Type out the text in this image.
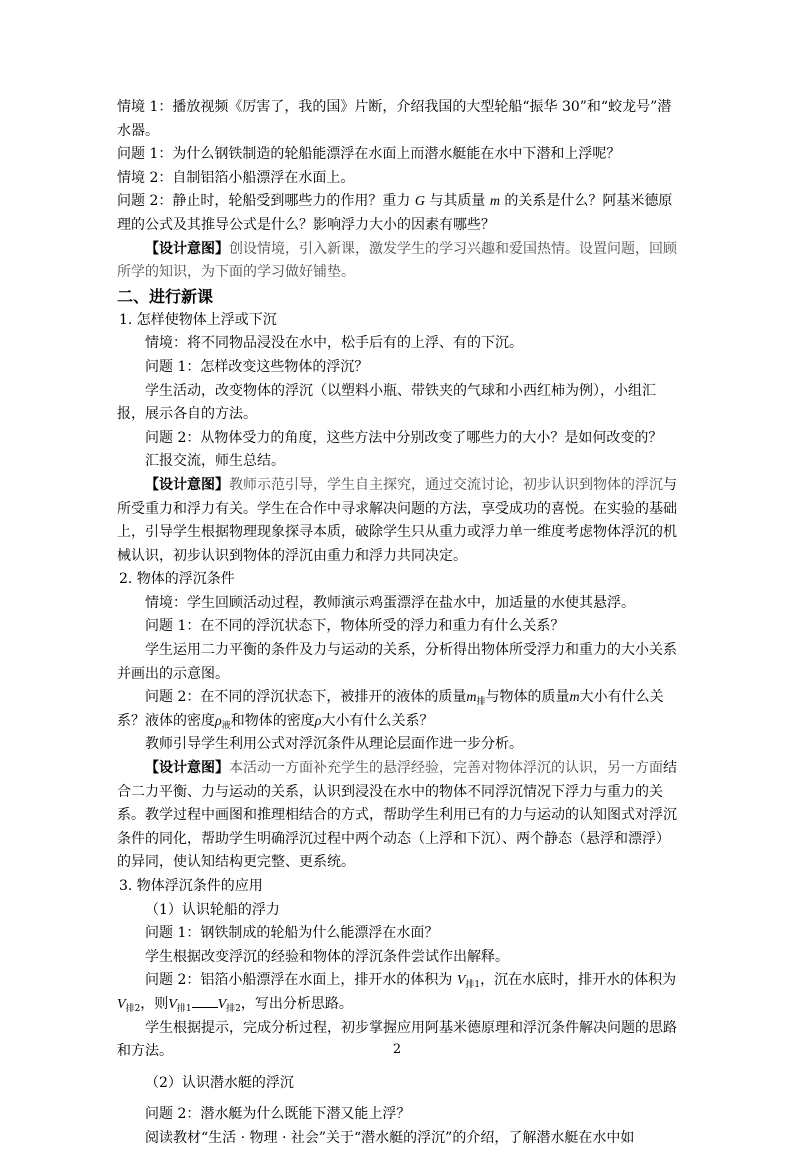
情境 1：播放视频《厉害了，我的国》片断，介绍我国的大型轮船“振华 30”和“蛟龙号”潜水器。

问题 1：为什么钢铁制造的轮船能漂浮在水面上而潜水艇能在水中下潜和上浮呢？

情境 2：自制铝箔小船漂浮在水面上。

问题 2：静止时，轮船受到哪些力的作用？重力 G 与其质量 m 的关系是什么？阿基米德原理的公式及其推导公式是什么？影响浮力大小的因素有哪些？

【设计意图】创设情境，引入新课，激发学生的学习兴趣和爱国热情。设置问题，回顾所学的知识，为下面的学习做好铺垫。

二、进行新课

1. 怎样使物体上浮或下沉

情境：将不同物品浸没在水中，松手后有的上浮、有的下沉。

问题 1：怎样改变这些物体的浮沉？

学生活动，改变物体的浮沉（以塑料小瓶、带铁夹的气球和小西红柿为例），小组汇报，展示各自的方法。

问题 2：从物体受力的角度，这些方法中分别改变了哪些力的大小？是如何改变的？

汇报交流，师生总结。

【设计意图】教师示范引导，学生自主探究，通过交流讨论，初步认识到物体的浮沉与所受重力和浮力有关。学生在合作中寻求解决问题的方法，享受成功的喜悦。在实验的基础上，引导学生根据物理现象探寻本质，破除学生只从重力或浮力单一维度考虑物体浮沉的机械认识，初步认识到物体的浮沉由重力和浮力共同决定。

2. 物体的浮沉条件

情境：学生回顾活动过程，教师演示鸡蛋漂浮在盐水中，加适量的水使其悬浮。

问题 1：在不同的浮沉状态下，物体所受的浮力和重力有什么关系？

学生运用二力平衡的条件及力与运动的关系，分析得出物体所受浮力和重力的大小关系并画出的示意图。

问题 2：在不同的浮沉状态下，被排开的液体的质量$m_排$与物体的质量m大小有什么关系？液体的密度$\rho_液$和物体的密度ρ大小有什么关系？

教师引导学生利用公式对浮沉条件从理论层面作进一步分析。

【设计意图】本活动一方面补充学生的悬浮经验，完善对物体浮沉的认识，另一方面结合二力平衡、力与运动的关系，认识到浸没在水中的物体不同浮沉情况下浮力与重力的关系。教学过程中画图和推理相结合的方式，帮助学生利用已有的力与运动的认知图式对浮沉条件的同化，帮助学生明确浮沉过程中两个动态（上浮和下沉）、两个静态（悬浮和漂浮）的异同，使认知结构更完整、更系统。

3. 物体浮沉条件的应用

（1）认识轮船的浮力

问题 1：钢铁制成的轮船为什么能漂浮在水面？

学生根据改变浮沉的经验和物体的浮沉条件尝试作出解释。

问题 2：铝箔小船漂浮在水面上，排开水的体积为 $V_{排1}$，沉在水底时，排开水的体积为 $V_{排2}$，则$V_{排1}$ $V_{排2}$，写出分析思路。

学生根据提示，完成分析过程，初步掌握应用阿基米德原理和浮沉条件解决问题的思路和方法。

（2）认识潜水艇的浮沉

问题 2：潜水艇为什么既能下潜又能上浮？

阅读教材“生活 · 物理 · 社会”关于“潜水艇的浮沉”的介绍，了解潜水艇在水中如

2
